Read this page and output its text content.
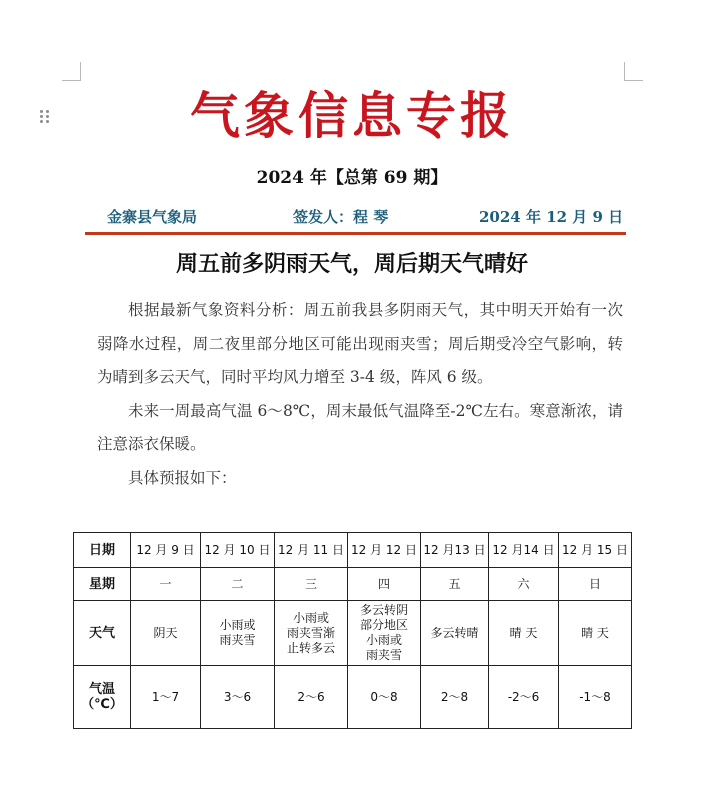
气象信息专报
2024 年【总第 69 期】
金寨县气象局	签发人：程 琴	2024 年 12 月 9 日
周五前多阴雨天气，周后期天气晴好

根据最新气象资料分析：周五前我县多阴雨天气，其中明天开始有一次弱降水过程，周二夜里部分地区可能出现雨夹雪；周后期受冷空气影响，转为晴到多云天气，同时平均风力增至 3-4 级，阵风 6 级。

未来一周最高气温 6～8℃，周末最低气温降至-2℃左右。寒意渐浓，请注意添衣保暖。

具体预报如下：

日期	12 月 9 日	12 月 10 日	12 月 11 日	12 月 12 日	12 月13 日	12 月14 日	12 月 15 日
星期	一	二	三	四	五	六	日
天气	阴天	小雨或
雨夹雪	小雨或
雨夹雪渐
止转多云	多云转阴
部分地区
小雨或
雨夹雪	多云转晴	晴 天	晴 天

气温
（℃）	1～7	3～6	2～6	0～8	2～8	-2～6	-1～8
